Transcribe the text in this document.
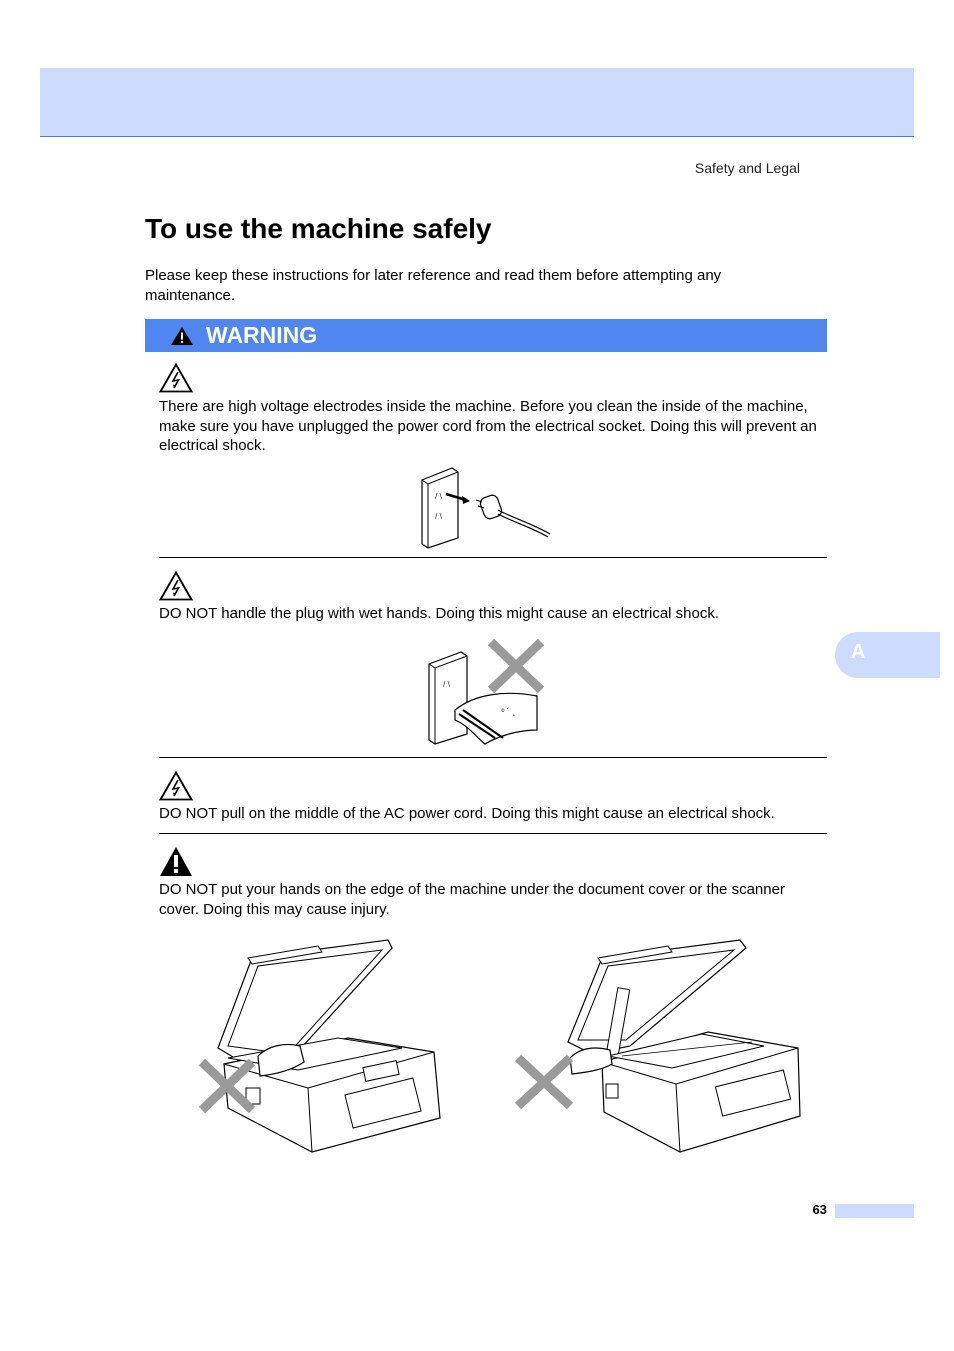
Safety and Legal
To use the machine safely
Please keep these instructions for later reference and read them before attempting any maintenance.
WARNING
There are high voltage electrodes inside the machine. Before you clean the inside of the machine, make sure you have unplugged the power cord from the electrical socket. Doing this will prevent an electrical shock.
/ \
/ \
DO NOT handle the plug with wet hands. Doing this might cause an electrical shock.
/ \
ͦ ˊ ˎ
DO NOT pull on the middle of the AC power cord. Doing this might cause an electrical shock.
DO NOT put your hands on the edge of the machine under the document cover or the scanner cover. Doing this may cause injury.
A
63
